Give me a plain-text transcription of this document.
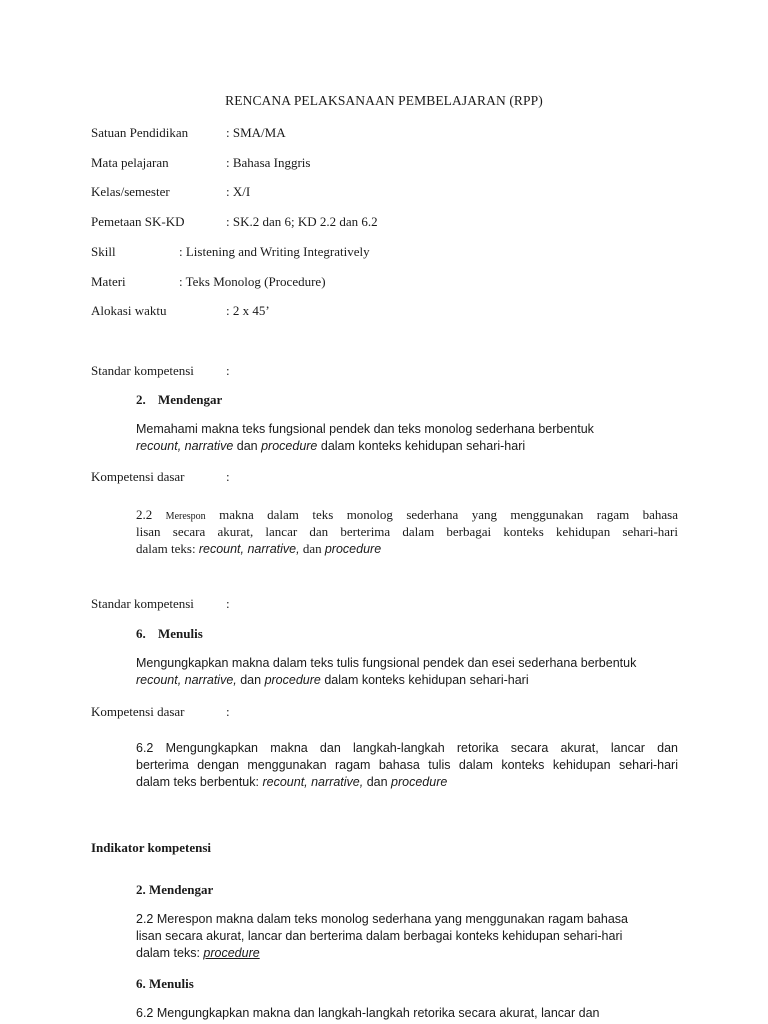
RENCANA PELAKSANAAN PEMBELAJARAN (RPP)
Satuan Pendidikan	: SMA/MA
Mata pelajaran	: Bahasa Inggris
Kelas/semester	: X/I
Pemetaan SK-KD	: SK.2 dan 6; KD 2.2 dan 6.2
Skill	: Listening and Writing Integratively
Materi	: Teks Monolog (Procedure)
Alokasi waktu	: 2 x 45’
Standar kompetensi :
2. Mendengar
Memahami makna teks fungsional pendek dan teks monolog sederhana berbentuk
recount, narrative dan procedure dalam konteks kehidupan sehari-hari
Kompetensi dasar	:
2.2 Merespon makna dalam teks monolog sederhana yang menggunakan ragam bahasa
lisan secara akurat, lancar dan berterima dalam berbagai konteks kehidupan sehari-hari
dalam teks: recount, narrative, dan procedure
Standar kompetensi :
6. Menulis
Mengungkapkan makna dalam teks tulis fungsional pendek dan esei sederhana berbentuk
recount, narrative, dan procedure dalam konteks kehidupan sehari-hari
Kompetensi dasar	:
6.2 Mengungkapkan makna dan langkah-langkah retorika secara akurat, lancar dan
berterima dengan menggunakan ragam bahasa tulis dalam konteks kehidupan sehari-hari
dalam teks berbentuk: recount, narrative, dan procedure
Indikator kompetensi
2. Mendengar
2.2 Merespon makna dalam teks monolog sederhana yang menggunakan ragam bahasa
lisan secara akurat, lancar dan berterima dalam berbagai konteks kehidupan sehari-hari
dalam teks: procedure
6. Menulis
6.2 Mengungkapkan makna dan langkah-langkah retorika secara akurat, lancar dan
